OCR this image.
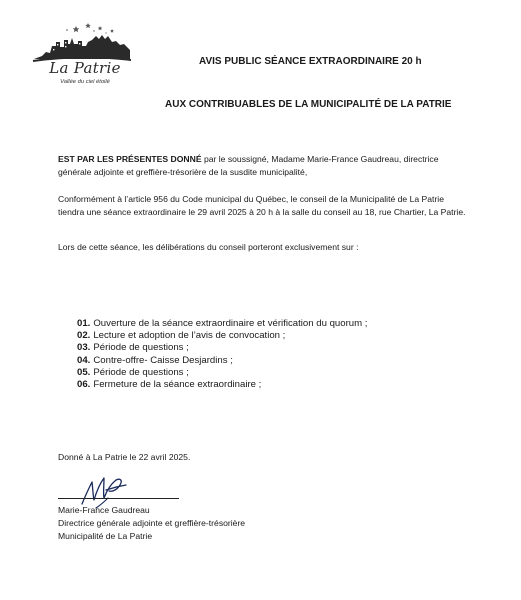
La Patrie
Vallée du ciel étoilé
AVIS PUBLIC SÉANCE EXTRAORDINAIRE 20 h
AUX CONTRIBUABLES DE LA MUNICIPALITÉ DE LA PATRIE
EST PAR LES PRÉSENTES DONNÉ par le soussigné, Madame Marie-France Gaudreau, directrice générale adjointe et greffière-trésorière de la susdite municipalité,
Conformément à l’article 956 du Code municipal du Québec, le conseil de la Municipalité de La Patrie tiendra une séance extraordinaire le 29 avril 2025 à 20 h à la salle du conseil au 18, rue Chartier, La Patrie.
Lors de cette séance, les délibérations du conseil porteront exclusivement sur :
01. Ouverture de la séance extraordinaire et vérification du quorum ;
02. Lecture et adoption de l’avis de convocation ;
03. Période de questions ;
04. Contre-offre- Caisse Desjardins ;
05. Période de questions ;
06. Fermeture de la séance extraordinaire ;
Donné à La Patrie le 22 avril 2025.
Marie-France Gaudreau
Directrice générale adjointe et greffière-trésorière
Municipalité de La Patrie
